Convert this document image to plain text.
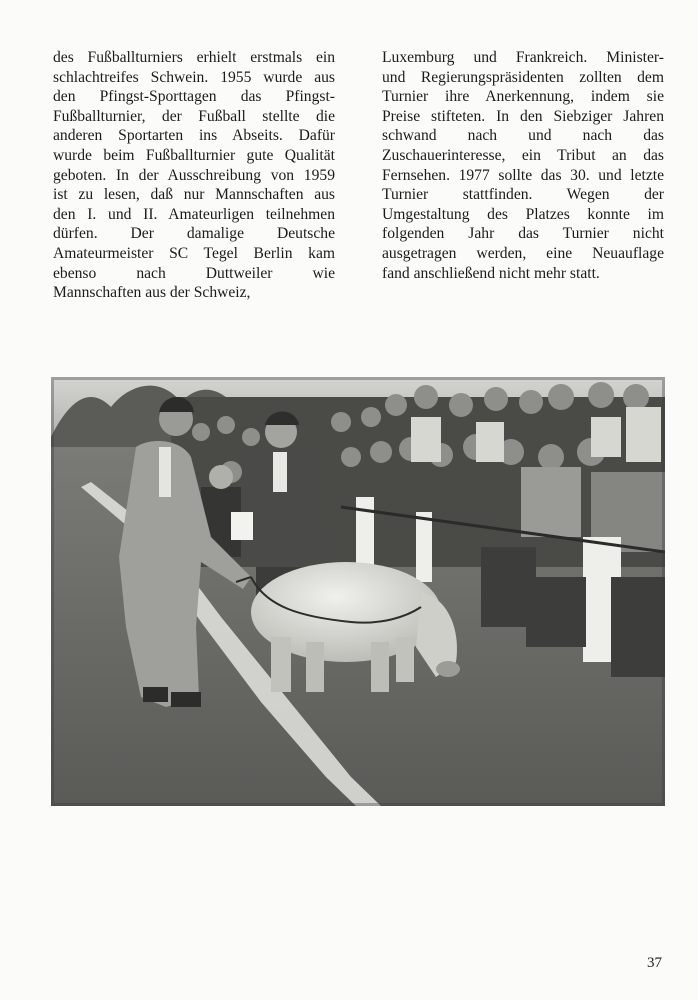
des Fußballturniers erhielt erstmals ein
schlachtreifes Schwein. 1955 wurde aus
den Pfingst-Sporttagen das Pfingst-
Fußballturnier, der Fußball stellte die
anderen Sportarten ins Abseits. Dafür
wurde beim Fußballturnier gute Qualität
geboten. In der Ausschreibung von 1959
ist zu lesen, daß nur Mannschaften aus
den I. und II. Amateurligen teilnehmen
dürfen. Der damalige Deutsche
Amateurmeister SC Tegel Berlin kam
ebenso nach Duttweiler wie
Mannschaften aus der Schweiz,
Luxemburg und Frankreich. Minister-
und Regierungspräsidenten zollten dem
Turnier ihre Anerkennung, indem sie
Preise stifteten. In den Siebziger Jahren
schwand nach und nach das
Zuschauerinteresse, ein Tribut an das
Fernsehen. 1977 sollte das 30. und letzte
Turnier stattfinden. Wegen der
Umgestaltung des Platzes konnte im
folgenden Jahr das Turnier nicht
ausgetragen werden, eine Neuauflage
fand anschließend nicht mehr statt.
37
